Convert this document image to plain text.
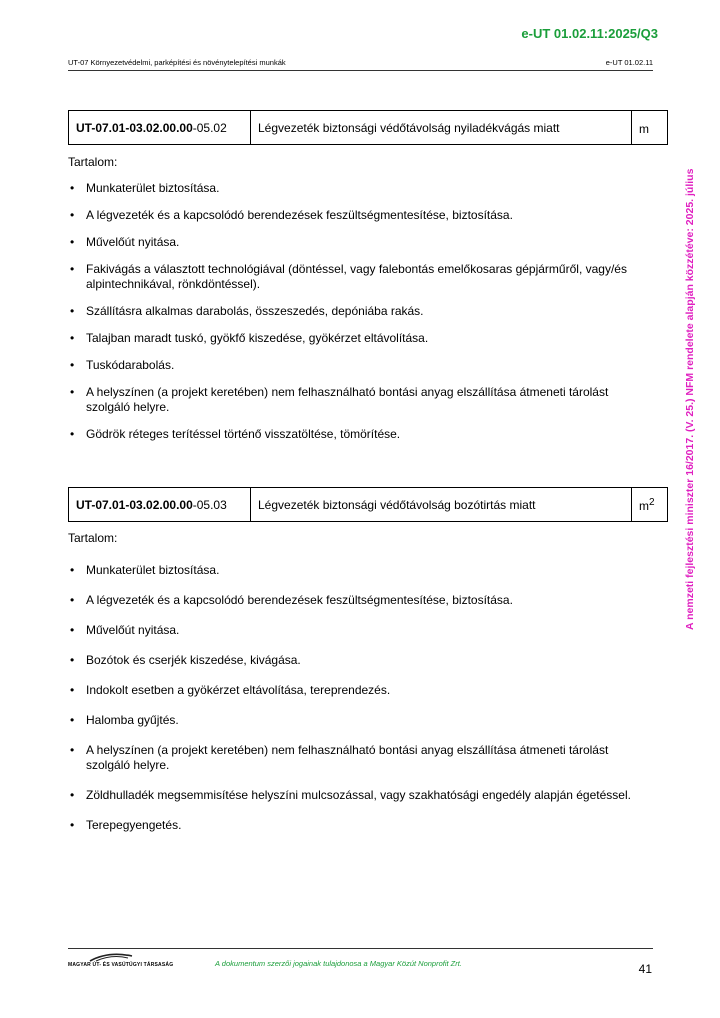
e-UT 01.02.11:2025/Q3
UT-07 Környezetvédelmi, parképítési és növénytelepítési munkák	e-UT 01.02.11
A nemzeti fejlesztési miniszter 16/2017. (V. 25.) NFM rendelete alapján közzétéve: 2025. július
UT-07.01-03.02.00.00-05.02	Légvezeték biztonsági védőtávolság nyiladékvágás miatt	m
Tartalom:
• Munkaterület biztosítása.
• A légvezeték és a kapcsolódó berendezések feszültségmentesítése, biztosítása.
• Művelőút nyitása.
• Fakivágás a választott technológiával (döntéssel, vagy falebontás emelőkosaras gépjárműről, vagy/és alpintechnikával, rönkdöntéssel).
• Szállításra alkalmas darabolás, összeszedés, depóniába rakás.
• Talajban maradt tuskó, gyökfő kiszedése, gyökérzet eltávolítása.
• Tuskódarabolás.
• A helyszínen (a projekt keretében) nem felhasználható bontási anyag elszállítása átmeneti tárolást szolgáló helyre.
• Gödrök réteges terítéssel történő visszatöltése, tömörítése.
UT-07.01-03.02.00.00-05.03	Légvezeték biztonsági védőtávolság bozótirtás miatt	$m^2$
Tartalom:
• Munkaterület biztosítása.
• A légvezeték és a kapcsolódó berendezések feszültségmentesítése, biztosítása.
• Művelőút nyitása.
• Bozótok és cserjék kiszedése, kivágása.
• Indokolt esetben a gyökérzet eltávolítása, tereprendezés.
• Halomba gyűjtés.
• A helyszínen (a projekt keretében) nem felhasználható bontási anyag elszállítása átmeneti tárolást szolgáló helyre.
• Zöldhulladék megsemmisítése helyszíni mulcsozással, vagy szakhatósági engedély alapján égetéssel.
• Terepegyengetés.
MAGYAR ÚT- ÉS VASÚTÜGYI TÁRSASÁG	A dokumentum szerzői jogainak tulajdonosa a Magyar Közút Nonprofit Zrt.	41
